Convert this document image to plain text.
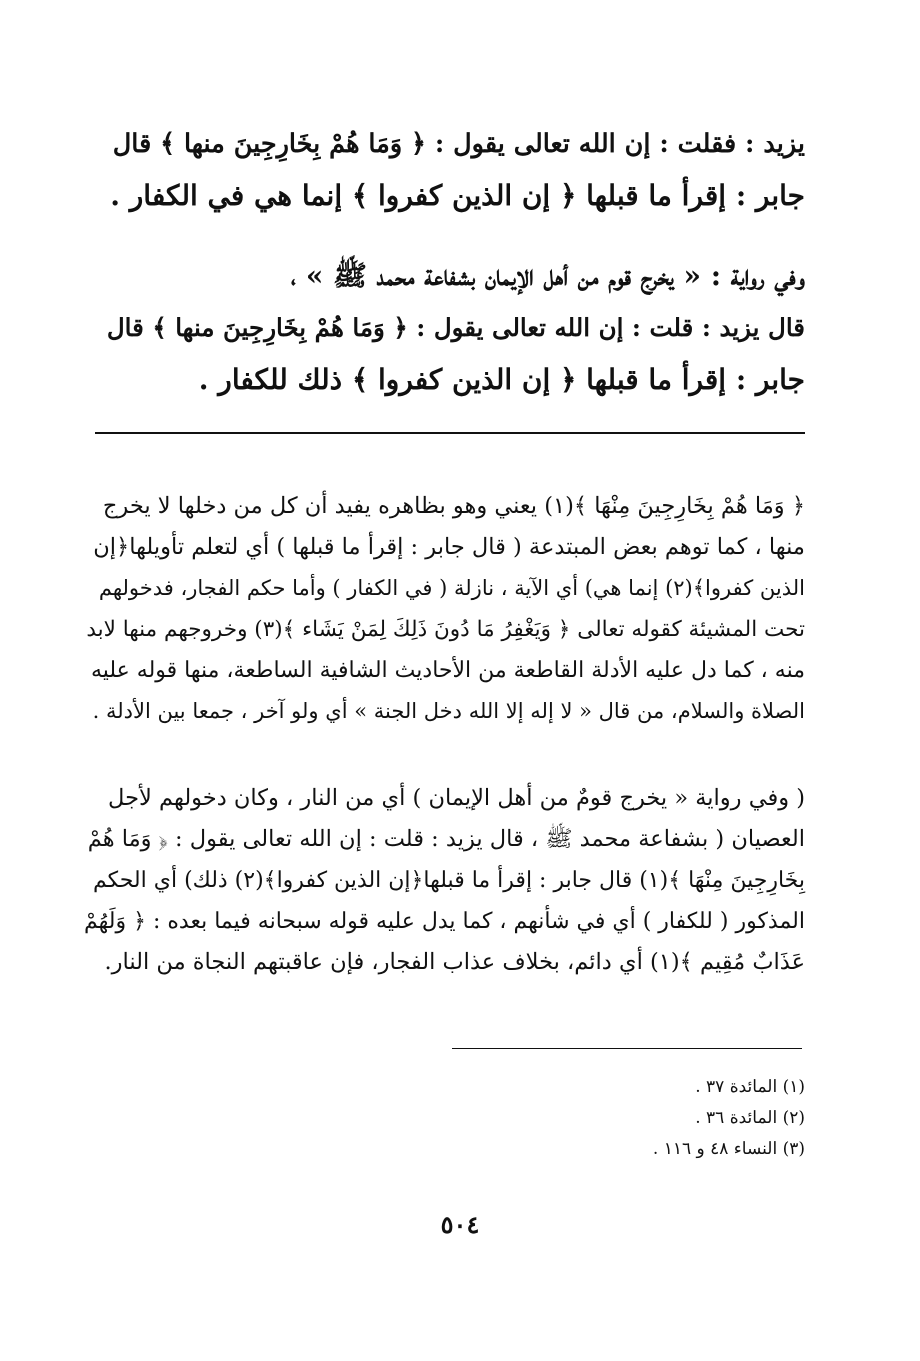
يزيد : فقلت : إن الله تعالى يقول : ﴿ وَمَا هُمْ بِخَارِجِينَ منها ﴾ قال
جابر : إقرأ ما قبلها ﴿ إن الذين كفروا ﴾ إنما هي في الكفار .
وفي رواية : « يخرج قوم من أهل الإيمان بشفاعة محمد ﷺ » ،
قال يزيد : قلت : إن الله تعالى يقول : ﴿ وَمَا هُمْ بِخَارِجِينَ منها ﴾ قال
جابر : إقرأ ما قبلها ﴿ إن الذين كفروا ﴾ ذلك للكفار .
﴿ وَمَا هُمْ بِخَارِجِينَ مِنْهَا ﴾(١) يعني وهو بظاهره يفيد أن كل من دخلها لا يخرج
منها ، كما توهم بعض المبتدعة ( قال جابر : إقرأ ما قبلها ) أي لتعلم تأويلها﴿إن
الذين كفروا﴾(٢) إنما هي) أي الآية ، نازلة ( في الكفار ) وأما حكم الفجار، فدخولهم
تحت المشيئة كقوله تعالى ﴿ وَيَغْفِرُ مَا دُونَ ذَلِكَ لِمَنْ يَشَاء ﴾(٣) وخروجهم منها لابد
منه ، كما دل عليه الأدلة القاطعة من الأحاديث الشافية الساطعة، منها قوله عليه
الصلاة والسلام، من قال « لا إله إلا الله دخل الجنة » أي ولو آخر ، جمعا بين الأدلة .
( وفي رواية « يخرج قومٌ من أهل الإيمان ) أي من النار ، وكان دخولهم لأجل
العصيان ( بشفاعة محمد ﷺ ، قال يزيد : قلت : إن الله تعالى يقول : ﴿ وَمَا هُمْ
بِخَارِجِينَ مِنْهَا ﴾(١) قال جابر : إقرأ ما قبلها﴿إن الذين كفروا﴾(٢) ذلك) أي الحكم
المذكور ( للكفار ) أي في شأنهم ، كما يدل عليه قوله سبحانه فيما بعده : ﴿ وَلَهُمْ
عَذَابٌ مُقِيم ﴾(١) أي دائم، بخلاف عذاب الفجار، فإن عاقبتهم النجاة من النار.
(١) المائدة ٣٧ .
(٢) المائدة ٣٦ .
(٣) النساء ٤٨ و ١١٦ .
٥٠٤
